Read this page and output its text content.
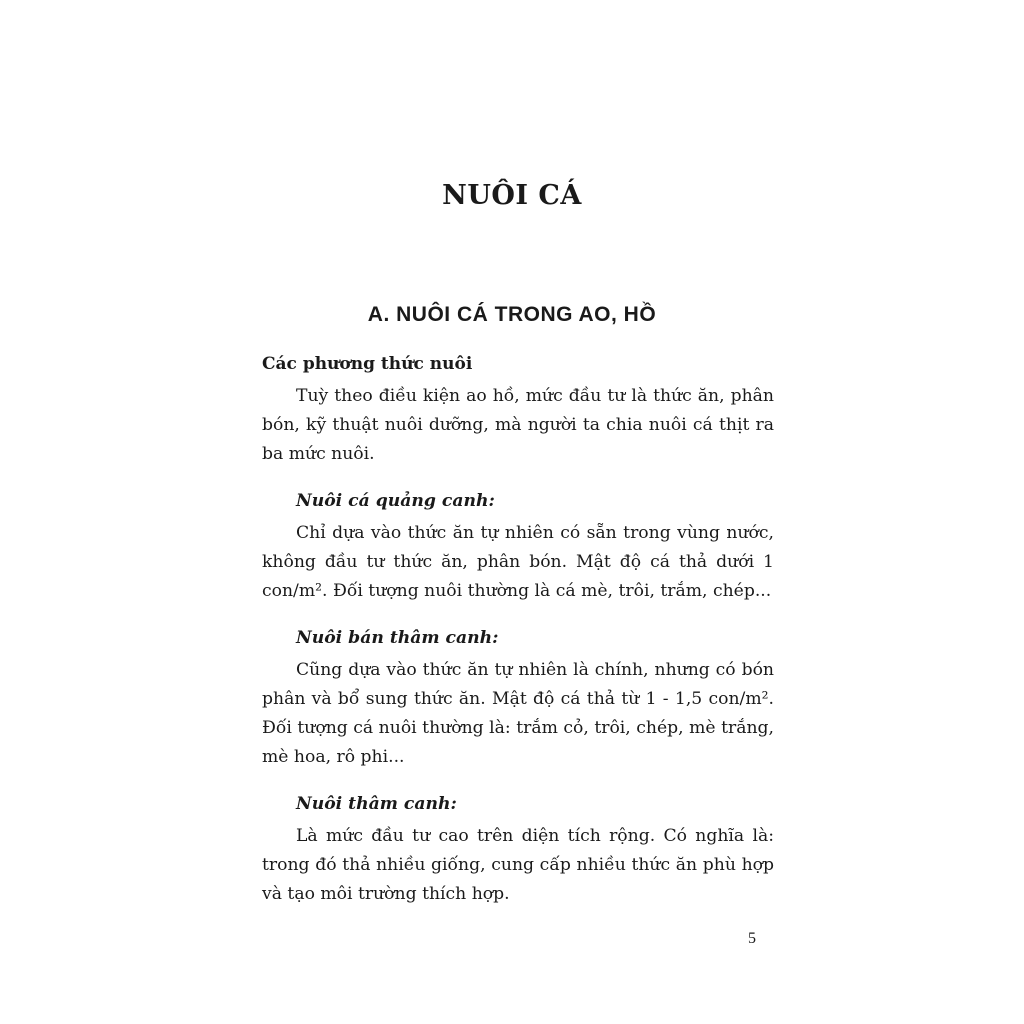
NUÔI CÁ
A. NUÔI CÁ TRONG AO, HỒ

Các phương thức nuôi

Tuỳ theo điều kiện ao hồ, mức đầu tư là thức ăn, phân bón, kỹ thuật nuôi dưỡng, mà người ta chia nuôi cá thịt ra ba mức nuôi.

Nuôi cá quảng canh:

Chỉ dựa vào thức ăn tự nhiên có sẵn trong vùng nước, không đầu tư thức ăn, phân bón. Mật độ cá thả dưới 1 con/m². Đối tượng nuôi thường là cá mè, trôi, trắm, chép...

Nuôi bán thâm canh:

Cũng dựa vào thức ăn tự nhiên là chính, nhưng có bón phân và bổ sung thức ăn. Mật độ cá thả từ 1 - 1,5 con/m². Đối tượng cá nuôi thường là: trắm cỏ, trôi, chép, mè trắng, mè hoa, rô phi...

Nuôi thâm canh:

Là mức đầu tư cao trên diện tích rộng. Có nghĩa là: trong đó thả nhiều giống, cung cấp nhiều thức ăn phù hợp và tạo môi trường thích hợp.

5
